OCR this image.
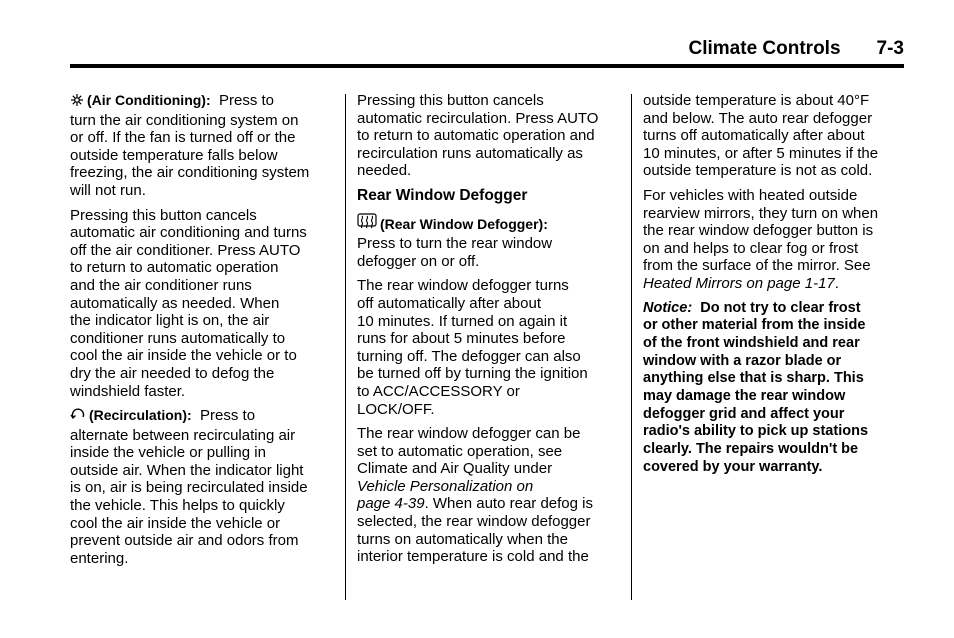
Climate Controls 7-3

(Air Conditioning): Press to
turn the air conditioning system on
or off. If the fan is turned off or the
outside temperature falls below
freezing, the air conditioning system
will not run.

Pressing this button cancels
automatic air conditioning and turns
off the air conditioner. Press AUTO
to return to automatic operation
and the air conditioner runs
automatically as needed. When
the indicator light is on, the air
conditioner runs automatically to
cool the air inside the vehicle or to
dry the air needed to defog the
windshield faster.

(Recirculation): Press to
alternate between recirculating air
inside the vehicle or pulling in
outside air. When the indicator light
is on, air is being recirculated inside
the vehicle. This helps to quickly
cool the air inside the vehicle or
prevent outside air and odors from
entering.

Pressing this button cancels
automatic recirculation. Press AUTO
to return to automatic operation and
recirculation runs automatically as
needed.

Rear Window Defogger

(Rear Window Defogger):
Press to turn the rear window
defogger on or off.

The rear window defogger turns
off automatically after about
10 minutes. If turned on again it
runs for about 5 minutes before
turning off. The defogger can also
be turned off by turning the ignition
to ACC/ACCESSORY or
LOCK/OFF.

The rear window defogger can be
set to automatic operation, see
Climate and Air Quality under
Vehicle Personalization on
page 4-39. When auto rear defog is
selected, the rear window defogger
turns on automatically when the
interior temperature is cold and the

outside temperature is about 40°F
and below. The auto rear defogger
turns off automatically after about
10 minutes, or after 5 minutes if the
outside temperature is not as cold.

For vehicles with heated outside
rearview mirrors, they turn on when
the rear window defogger button is
on and helps to clear fog or frost
from the surface of the mirror. See
Heated Mirrors on page 1-17.

Notice: Do not try to clear frost
or other material from the inside
of the front windshield and rear
window with a razor blade or
anything else that is sharp. This
may damage the rear window
defogger grid and affect your
radio's ability to pick up stations
clearly. The repairs wouldn't be
covered by your warranty.
